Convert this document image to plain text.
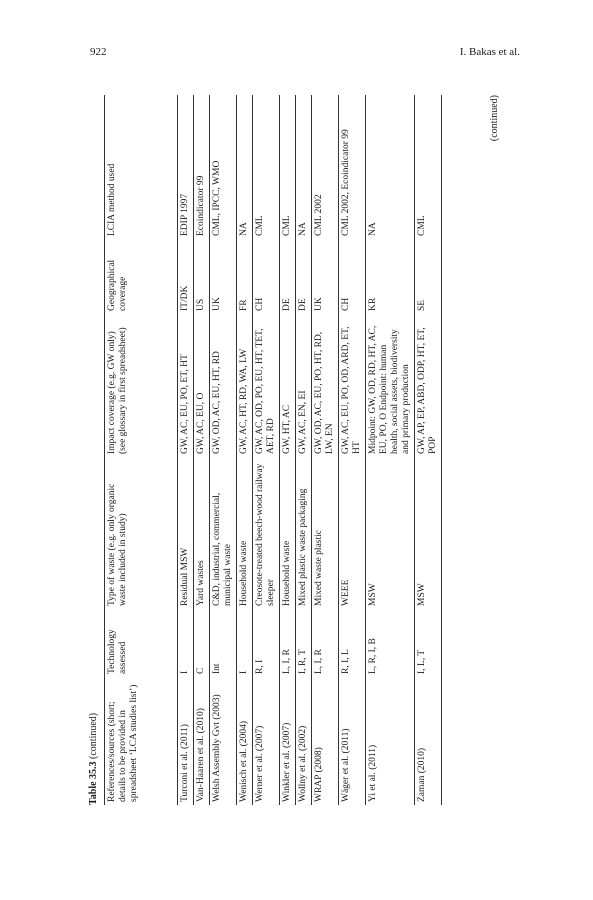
922	I. Bakas et al.
Table 35.3 (continued) References/sources (short; details to be provided in spreadsheet ‘LCA studies list’)	Technology assessed	Type of waste (e.g. only organic waste included in study)	Impact coverage (e.g. GW only) (see glossary in first spreadsheet)	Geographical coverage	LCIA method used
Turconi et al. (2011)	I	Residual MSW	GW, AC, EU, PO, ET, HT	IT/DK	EDIP 1997
Van-Haaren et al. (2010)	C	Yard wastes	GW, AC, EU, O	US	Ecoindicator 99
Welsh Assembly Gvt (2003)	Int	C&D, industrial, commercial, municipal waste	GW, OD, AC, EU, HT, RD	UK	CML, IPCC, WMO
Wenisch et al. (2004)	I	Household waste	GW, AC, HT, RD, WA, LW	FR	NA
Werner et al. (2007)	R, I	Creosote-treated beech-wood railway sleeper	GW, AC, OD, PO, EU, HT, TET, AET, RD	CH	CML
Winkler et al. (2007)	L, I, R	Household waste	GW, HT, AC	DE	CML
Wollny et al. (2002)	I, R, T	Mixed plastic waste packaging	GW, AC, EN, EI	DE	NA
WRAP (2008)	L, I, R	Mixed waste plastic	GW, OD, AC, EU, PO, HT, RD, LW, EN	UK	CML 2002
Wäger et al. (2011)	R, I, L	WEEE	GW, AC, EU, PO, OD, ARD, ET, HT	CH	CML 2002, Ecoindicator 99
Yi et al. (2011)	L, R, I, B	MSW	Midpoint: GW, OD, RD, HT, AC, EU, PO, O Endpoint: human health, social assets, biodiversity and primary production	KR	NA
Zaman (2010)	I, L, T	MSW	GW, AP, EP, ABD, ODP, HT, ET, POP	SE	CML
(continued)
